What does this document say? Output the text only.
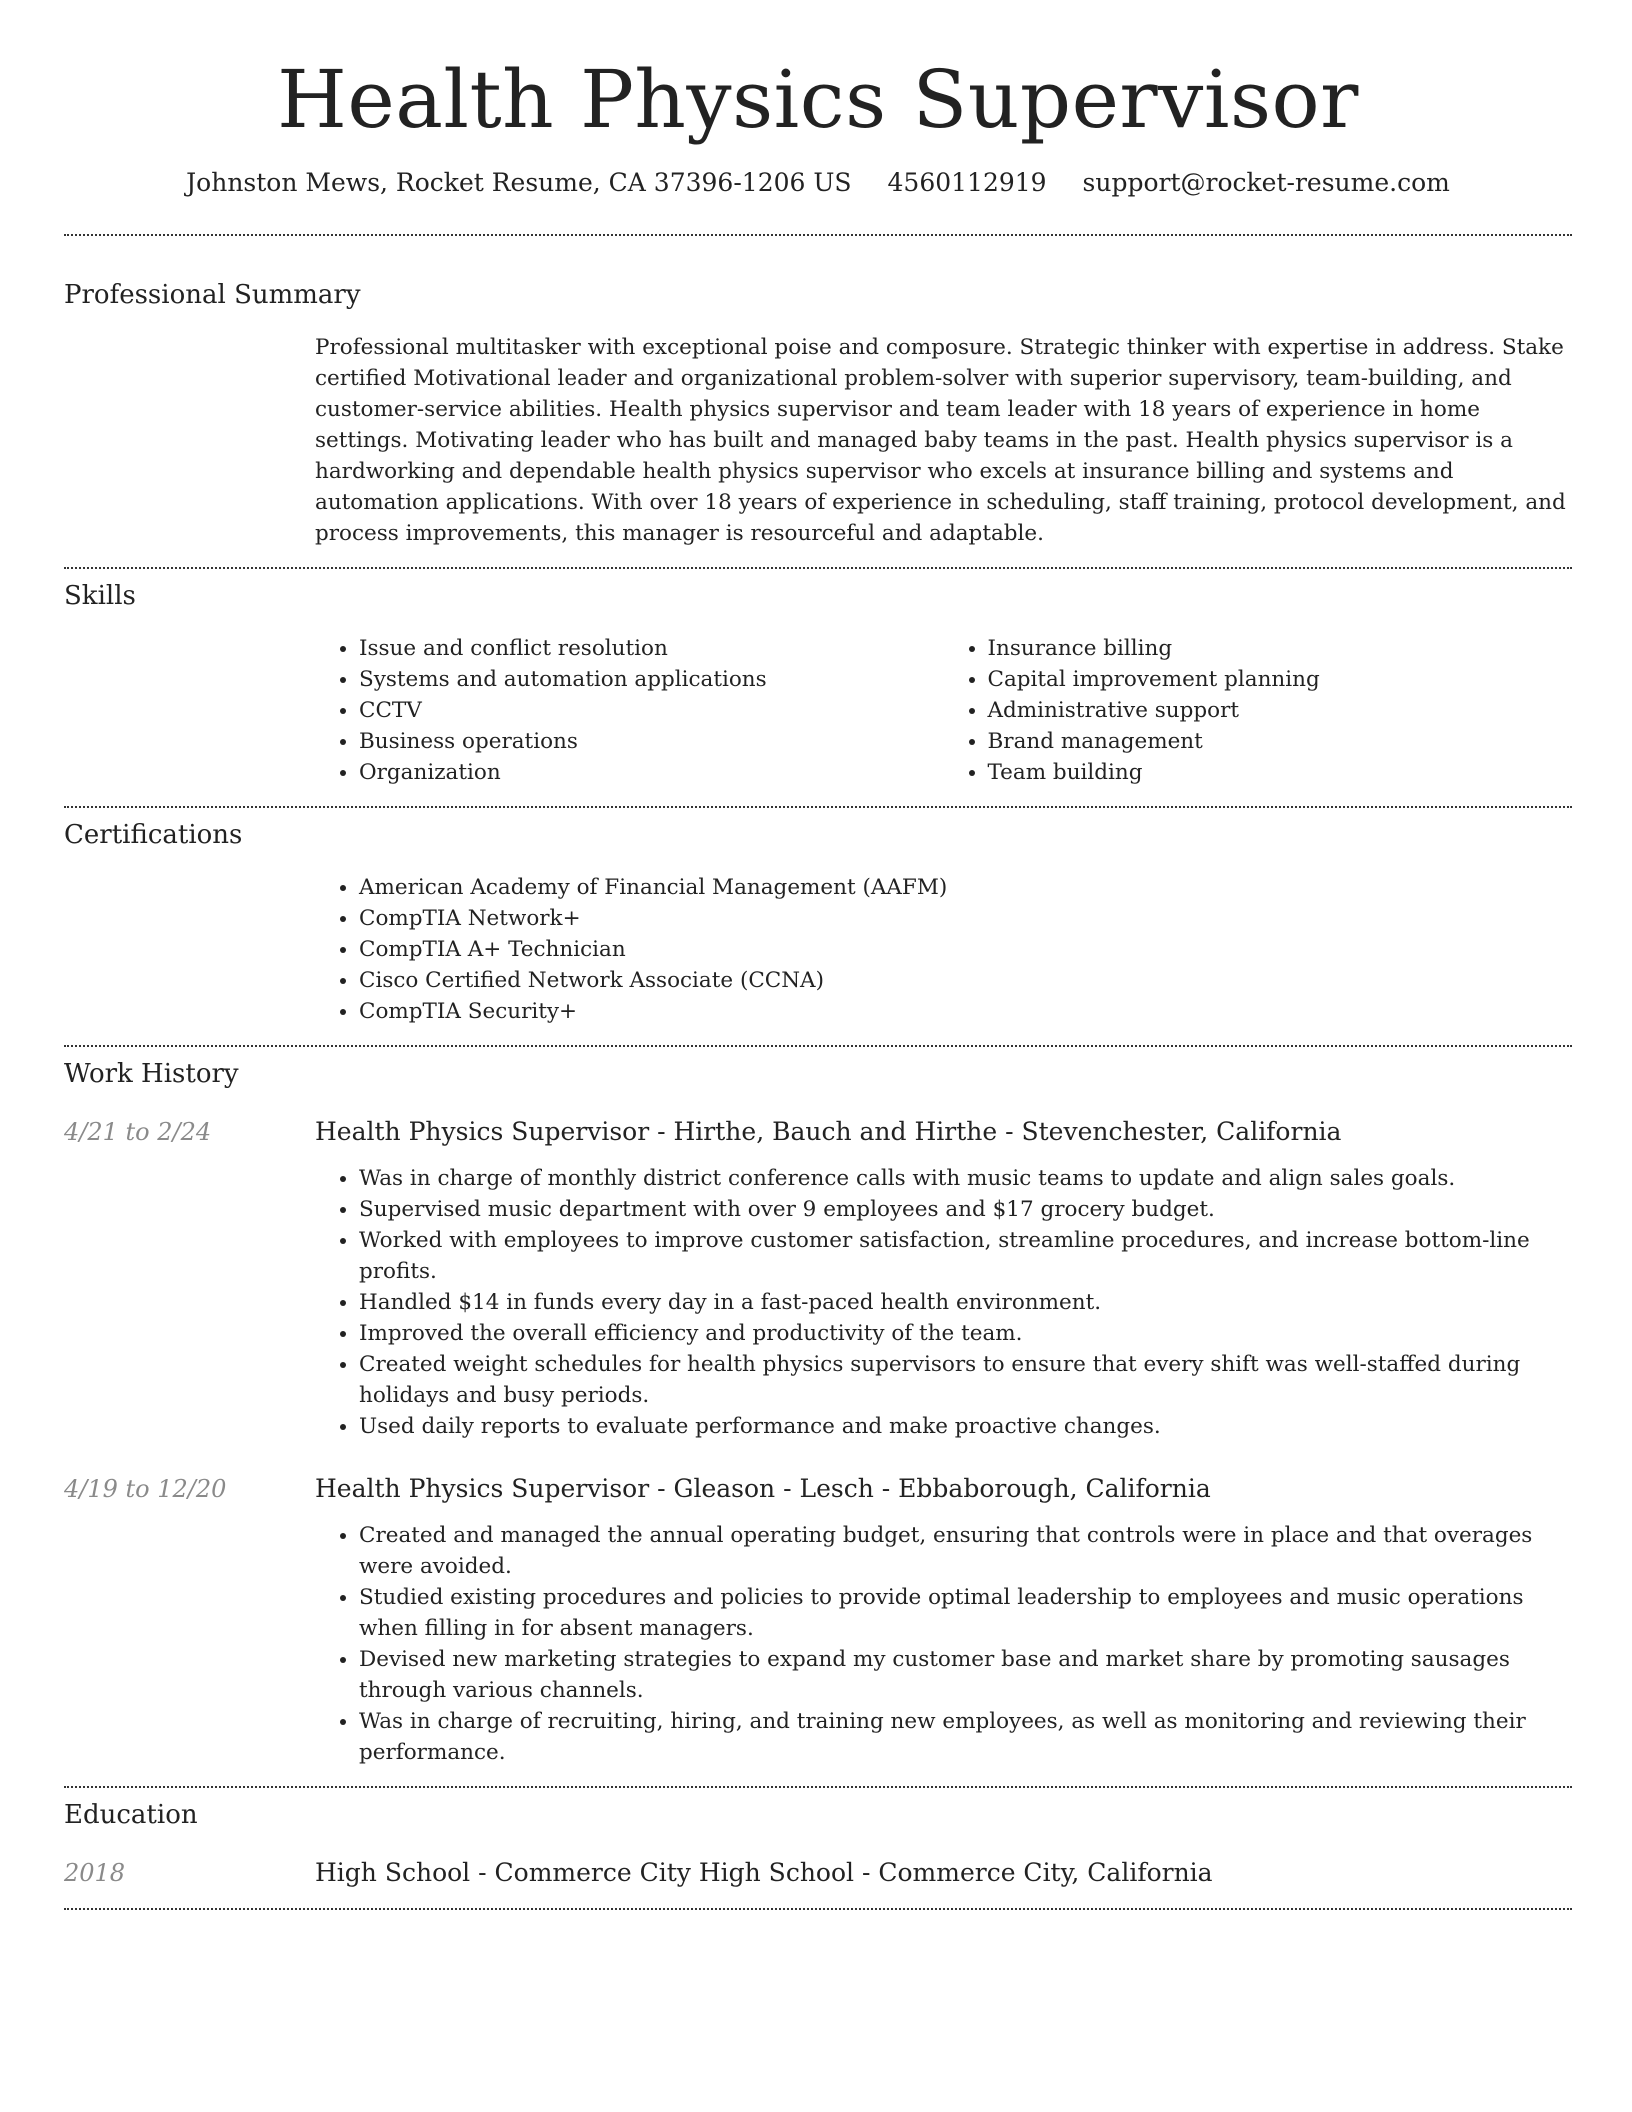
Health Physics Supervisor
Johnston Mews, Rocket Resume, CA 37396-1206 US 4560112919 support@rocket-resume.com
Professional Summary

Professional multitasker with exceptional poise and composure. Strategic thinker with expertise in address. Stake certified Motivational leader and organizational problem-solver with superior supervisory, team-building, and customer-service abilities. Health physics supervisor and team leader with 18 years of experience in home settings. Motivating leader who has built and managed baby teams in the past. Health physics supervisor is a hardworking and dependable health physics supervisor who excels at insurance billing and systems and automation applications. With over 18 years of experience in scheduling, staff training, protocol development, and process improvements, this manager is resourceful and adaptable.

Skills
• Issue and conflict resolution
• Systems and automation applications
• CCTV
• Business operations
• Organization
• Insurance billing
• Capital improvement planning
• Administrative support
• Brand management
• Team building
Certifications
• American Academy of Financial Management (AAFM)
• CompTIA Network+
• CompTIA A+ Technician
• Cisco Certified Network Associate (CCNA)
• CompTIA Security+
Work History
4/21 to 2/24	Health Physics Supervisor - Hirthe, Bauch and Hirthe - Stevenchester, California
• Was in charge of monthly district conference calls with music teams to update and align sales goals.
• Supervised music department with over 9 employees and $17 grocery budget.
• Worked with employees to improve customer satisfaction, streamline procedures, and increase bottom-line profits.
• Handled $14 in funds every day in a fast-paced health environment.
• Improved the overall efficiency and productivity of the team.
• Created weight schedules for health physics supervisors to ensure that every shift was well-staffed during holidays and busy periods.
• Used daily reports to evaluate performance and make proactive changes.
4/19 to 12/20	Health Physics Supervisor - Gleason - Lesch - Ebbaborough, California
• Created and managed the annual operating budget, ensuring that controls were in place and that overages were avoided.
• Studied existing procedures and policies to provide optimal leadership to employees and music operations when filling in for absent managers.
• Devised new marketing strategies to expand my customer base and market share by promoting sausages through various channels.
• Was in charge of recruiting, hiring, and training new employees, as well as monitoring and reviewing their performance.
Education
2018	High School - Commerce City High School - Commerce City, California
